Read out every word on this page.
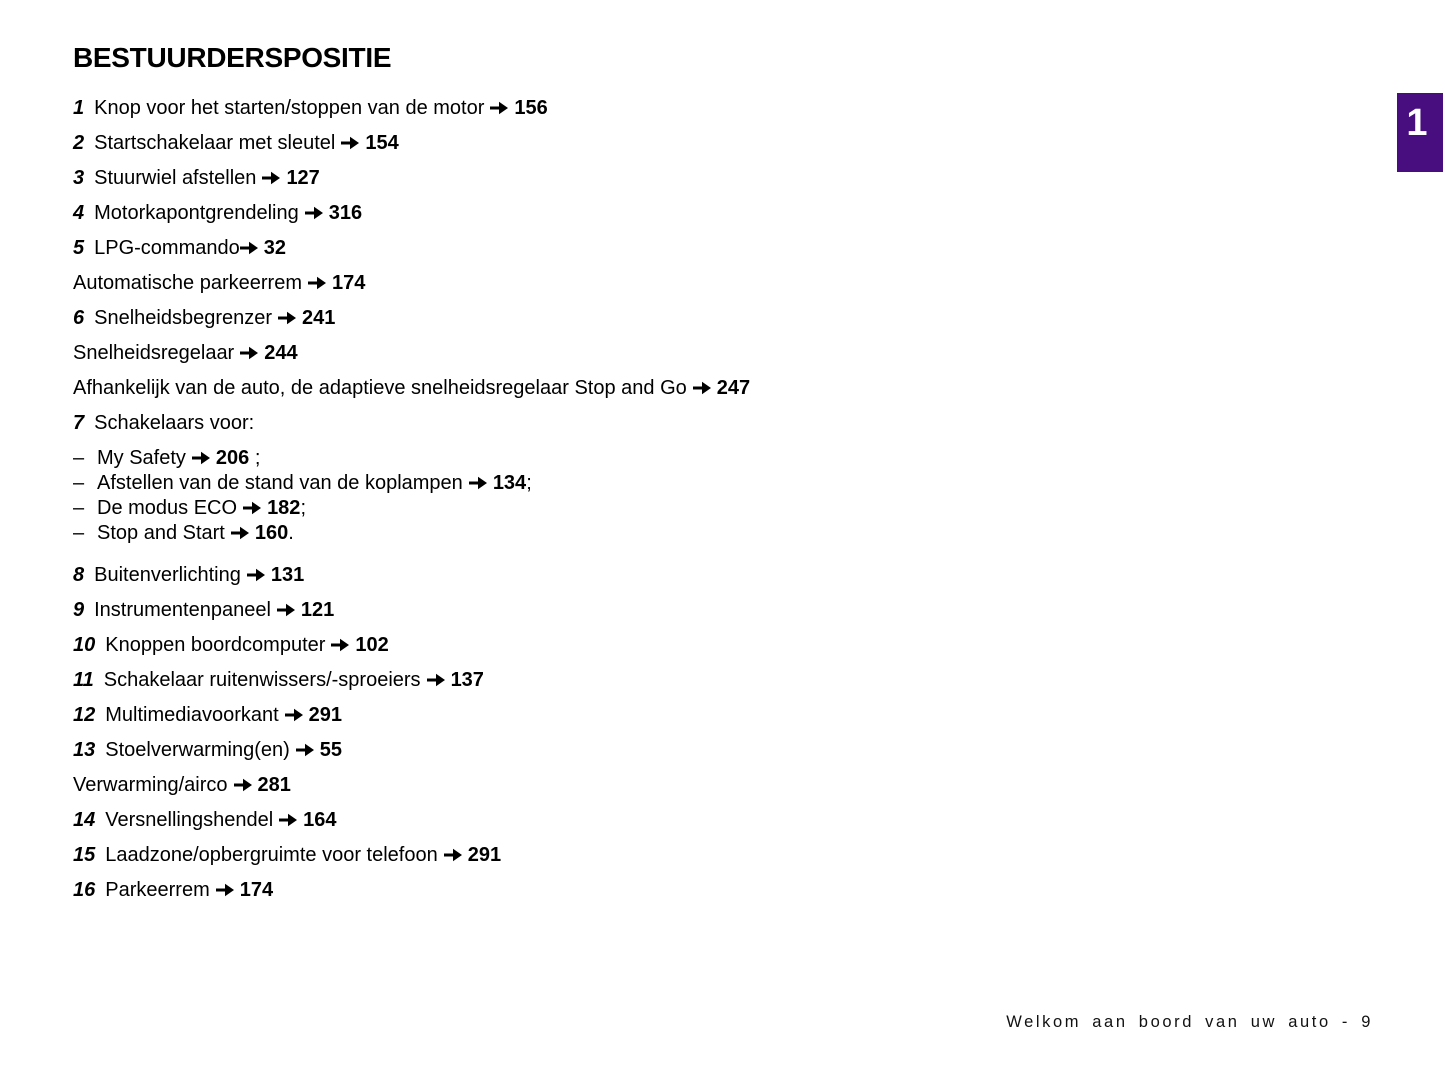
BESTUURDERSPOSITIE
1 Knop voor het starten/stoppen van de motor 156
2 Startschakelaar met sleutel 154
3 Stuurwiel afstellen 127
4 Motorkapontgrendeling 316
5 LPG-commando 32
Automatische parkeerrem 174
6 Snelheidsbegrenzer 241
Snelheidsregelaar 244
Afhankelijk van de auto, de adaptieve snelheidsregelaar Stop and Go 247
7 Schakelaars voor:
– My Safety 206 ;
– Afstellen van de stand van de koplampen 134;
– De modus ECO 182;
– Stop and Start 160.
8 Buitenverlichting 131
9 Instrumentenpaneel 121
10 Knoppen boordcomputer 102
11 Schakelaar ruitenwissers/-sproeiers 137
12 Multimediavoorkant 291
13 Stoelverwarming(en) 55
Verwarming/airco 281
14 Versnellingshendel 164
15 Laadzone/opbergruimte voor telefoon 291
16 Parkeerrem 174
1
Welkom aan boord van uw auto - 9
